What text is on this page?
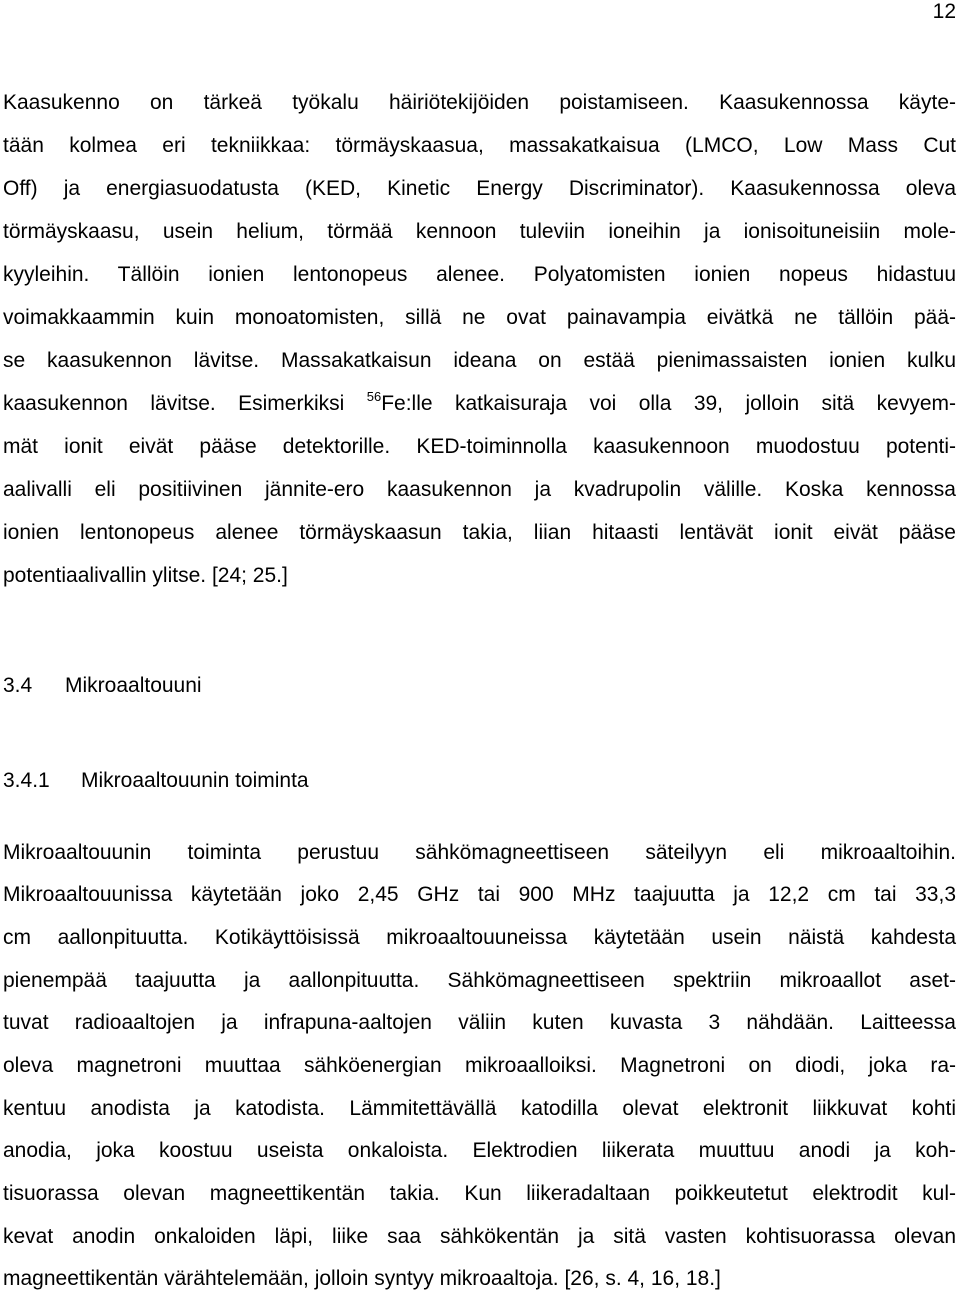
12
Kaasukenno on tärkeä työkalu häiriötekijöiden poistamiseen. Kaasukennossa käyte-
tään kolmea eri tekniikkaa: törmäyskaasua, massakatkaisua (LMCO, Low Mass Cut
Off) ja energiasuodatusta (KED, Kinetic Energy Discriminator). Kaasukennossa oleva
törmäyskaasu, usein helium, törmää kennoon tuleviin ioneihin ja ionisoituneisiin mole-
kyyleihin. Tällöin ionien lentonopeus alenee. Polyatomisten ionien nopeus hidastuu
voimakkaammin kuin monoatomisten, sillä ne ovat painavampia eivätkä ne tällöin pää-
se kaasukennon lävitse. Massakatkaisun ideana on estää pienimassaisten ionien kulku
kaasukennon lävitse. Esimerkiksi $^{56}$Fe:lle katkaisuraja voi olla 39, jolloin sitä kevyem-
mät ionit eivät pääse detektorille. KED-toiminnolla kaasukennoon muodostuu potenti-
aalivalli eli positiivinen jännite-ero kaasukennon ja kvadrupolin välille. Koska kennossa
ionien lentonopeus alenee törmäyskaasun takia, liian hitaasti lentävät ionit eivät pääse
potentiaalivallin ylitse. [24; 25.]
3.4 Mikroaaltouuni
3.4.1 Mikroaaltouunin toiminta
Mikroaaltouunin toiminta perustuu sähkömagneettiseen säteilyyn eli mikroaaltoihin.
Mikroaaltouunissa käytetään joko 2,45 GHz tai 900 MHz taajuutta ja 12,2 cm tai 33,3
cm aallonpituutta. Kotikäyttöisissä mikroaaltouuneissa käytetään usein näistä kahdesta
pienempää taajuutta ja aallonpituutta. Sähkömagneettiseen spektriin mikroaallot aset-
tuvat radioaaltojen ja infrapuna-aaltojen väliin kuten kuvasta 3 nähdään. Laitteessa
oleva magnetroni muuttaa sähköenergian mikroaalloiksi. Magnetroni on diodi, joka ra-
kentuu anodista ja katodista. Lämmitettävällä katodilla olevat elektronit liikkuvat kohti
anodia, joka koostuu useista onkaloista. Elektrodien liikerata muuttuu anodi ja koh-
tisuorassa olevan magneettikentän takia. Kun liikeradaltaan poikkeutetut elektrodit kul-
kevat anodin onkaloiden läpi, liike saa sähkökentän ja sitä vasten kohtisuorassa olevan
magneettikentän värähtelemään, jolloin syntyy mikroaaltoja. [26, s. 4, 16, 18.]
